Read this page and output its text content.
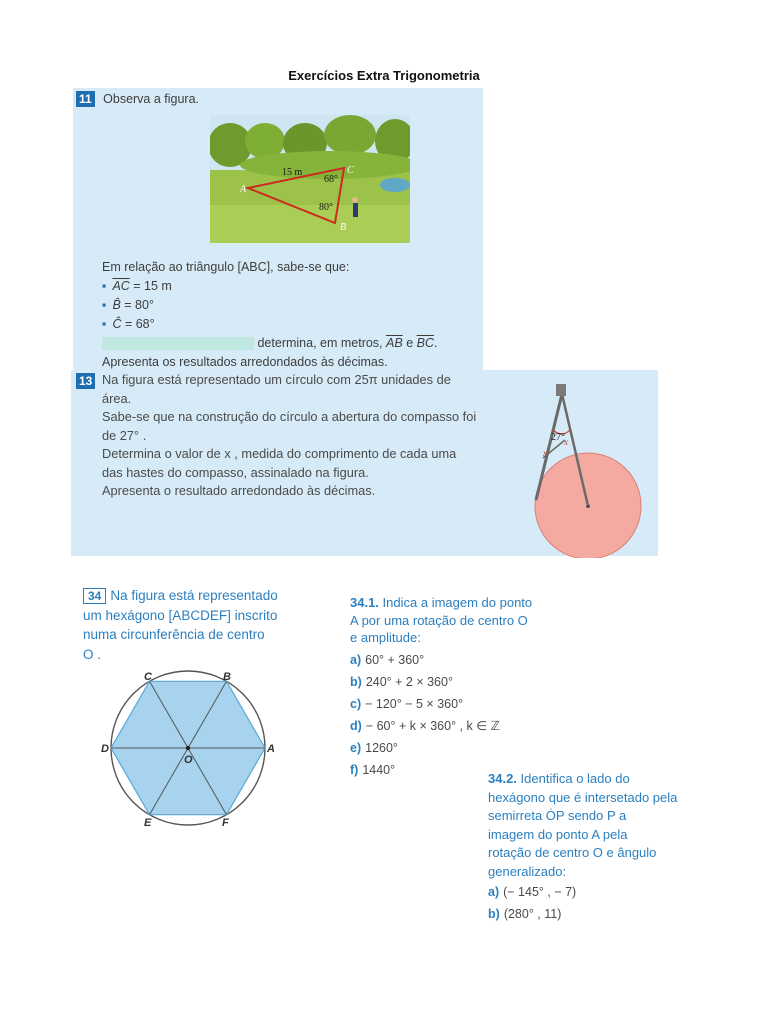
Exercícios Extra Trigonometria
11 Observa a figura.
A
C
B
15 m
68°
80°
Em relação ao triângulo [ABC], sabe-se que:
▪ $\overline{AC} = 15$ m
▪ B̂ = 80°
▪ Ĉ = 68°
determina, em metros, $\overline{AB}$ e $\overline{BC}$.
Apresenta os resultados arredondados às décimas.
13 Na figura está representado um círculo com 25π unidades de
área.
Sabe-se que na construção do círculo a abertura do compasso foi
de 27° .
Determina o valor de x , medida do comprimento de cada uma
das hastes do compasso, assinalado na figura.
Apresenta o resultado arredondado às décimas.
27°
x
x
34 Na figura está representado
um hexágono [ABCDEF] inscrito
numa circunferência de centro
O .
C	B
D	A
E	F
O
34.1. Indica a imagem do ponto
A por uma rotação de centro O
e amplitude:
a) 60° + 360°
b) 240° + 2 × 360°
c) − 120° − 5 × 360°
d) − 60° + k × 360° , k ∈ ℤ
e) 1260°
f) 1440°
34.2. Identifica o lado do
hexágono que é intersetado pela
semirreta ȮP sendo P a
imagem do ponto A pela
rotação de centro O e ângulo
generalizado:
a) (− 145° , − 7)
b) (280° , 11)
